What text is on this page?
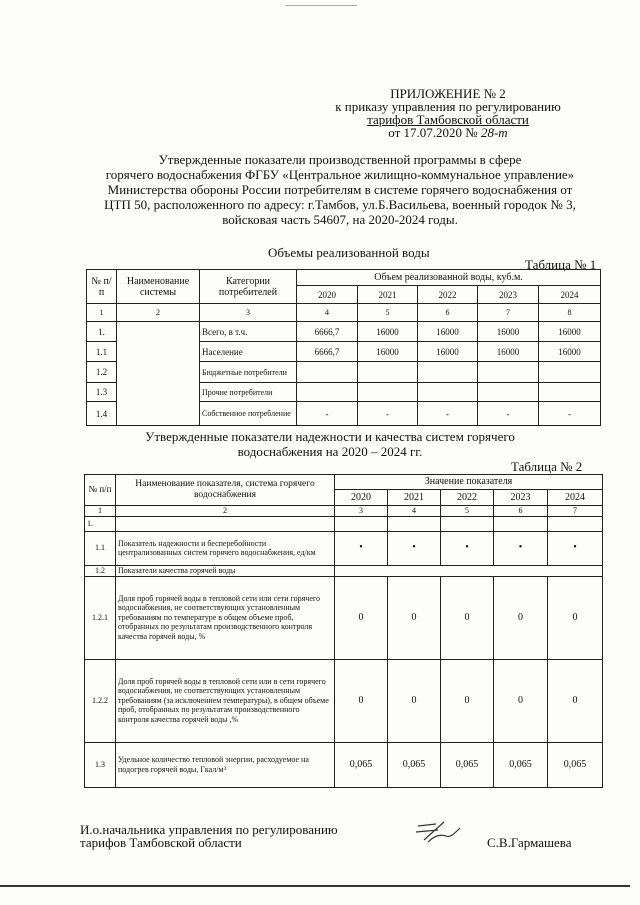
ПРИЛОЖЕНИЕ № 2
к приказу управления по регулированию
тарифов Тамбовской области
от 17.07.2020 № 28-т
Утвержденные показатели производственной программы в сфере
горячего водоснабжения ФГБУ «Центральное жилищно-коммунальное управление»
Министерства обороны России потребителям в системе горячего водоснабжения от
ЦТП 50, расположенного по адресу: г.Тамбов, ул.Б.Васильева, военный городок № 3,
войсковая часть 54607, на 2020-2024 годы.
Объемы реализованной воды
Таблица № 1
№ п/п	Наименование системы	Категории потребителей	Объем реализованной воды, куб.м.				
			2020	2021	2022	2023	2024
1	2	3	4	5	6	7	8
1.		Всего, в т.ч.	6666,7	16000	16000	16000	16000
1.1		Население	6666,7	16000	16000	16000	16000
1.2		Бюджетные потребители					
1.3		Прочие потребители					
1.4		Собственное потребление	-	-	-	-	-
Утвержденные показатели надежности и качества систем горячего
водоснабжения на 2020 – 2024 гг.
Таблица № 2
№ п/п	Наименование показателя, система горячего водоснабжения	Значение показателя				
		2020	2021	2022	2023	2024
1	2	3	4	5	6	7
1.						
1.1	Показатель надежности и бесперебойности централизованных систем горячего водоснабжения, ед/км	•	•	•	•	•
1.2	Показатели качества горячей воды					
1.2.1	Доля проб горячей воды в тепловой сети или сети горячего водоснабжения, не соответствующих установленным требованиям по температуре в общем объеме проб, отобранных по результатам производственного контроля качества горячей воды, %	0	0	0	0	0
1.2.2	Доля проб горячей воды в тепловой сети или в сети горячего водоснабжения, не соответствующих установленным требованиям (за исключением температуры), в общем объеме проб, отобранных по результатам производственного контроля качества горячей воды ,%	0	0	0	0	0
1.3	Удельное количество тепловой энергии, расходуемое на подогрев горячей воды, Гкал/м³	0,065	0,065	0,065	0,065	0,065
И.о.начальника управления по регулированию
тарифов Тамбовской области	С.В.Гармашева
